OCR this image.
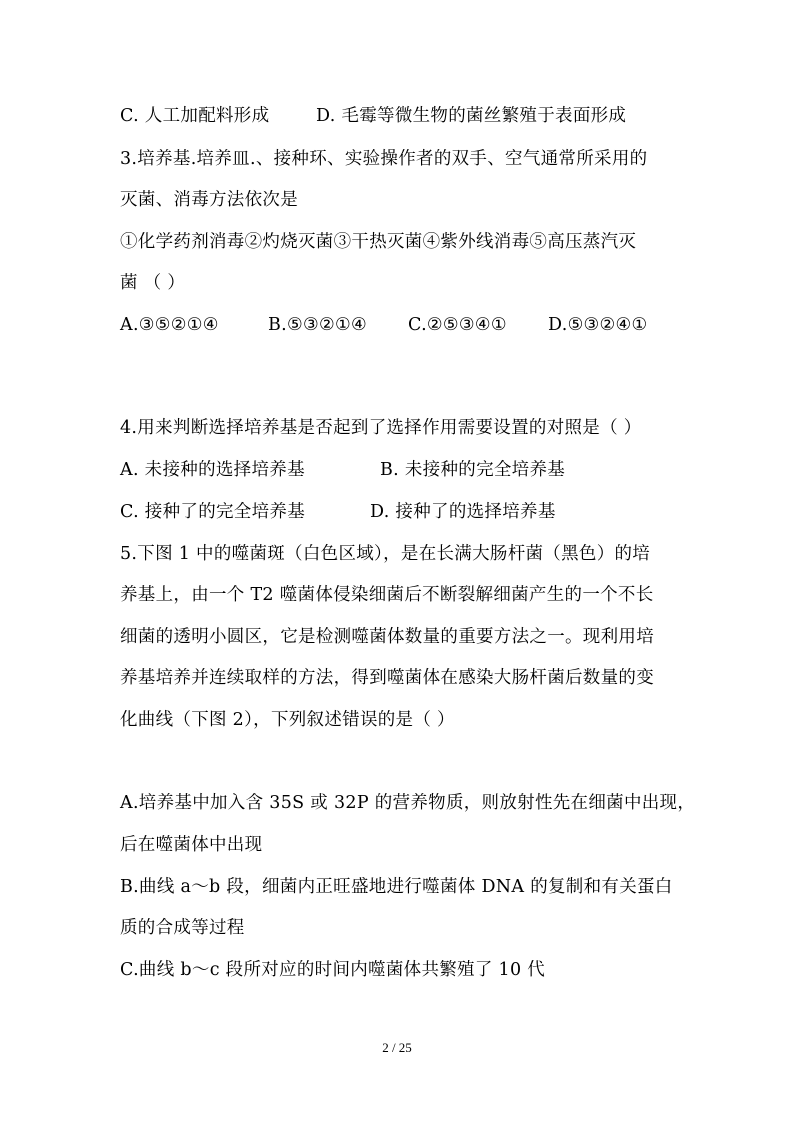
C. 人工加配料形成	D. 毛霉等微生物的菌丝繁殖于表面形成
3.培养基.培养皿.、接种环、实验操作者的双手、空气通常所采用的
灭菌、消毒方法依次是
①化学药剂消毒②灼烧灭菌③干热灭菌④紫外线消毒⑤高压蒸汽灭
菌 （ ）
A.③⑤②①④	B.⑤③②①④ C.②⑤③④① D.⑤③②④①
4.用来判断选择培养基是否起到了选择作用需要设置的对照是（ ）
A. 未接种的选择培养基	B. 未接种的完全培养基
C. 接种了的完全培养基	D. 接种了的选择培养基
5.下图 1 中的噬菌斑（白色区域），是在长满大肠杆菌（黑色）的培
养基上，由一个 T2 噬菌体侵染细菌后不断裂解细菌产生的一个不长
细菌的透明小圆区，它是检测噬菌体数量的重要方法之一。现利用培
养基培养并连续取样的方法，得到噬菌体在感染大肠杆菌后数量的变
化曲线（下图 2），下列叙述错误的是（ ）
A.培养基中加入含 35S 或 32P 的营养物质，则放射性先在细菌中出现，
后在噬菌体中出现
B.曲线 a～b 段，细菌内正旺盛地进行噬菌体 DNA 的复制和有关蛋白
质的合成等过程
C.曲线 b～c 段所对应的时间内噬菌体共繁殖了 10 代
2 / 25
